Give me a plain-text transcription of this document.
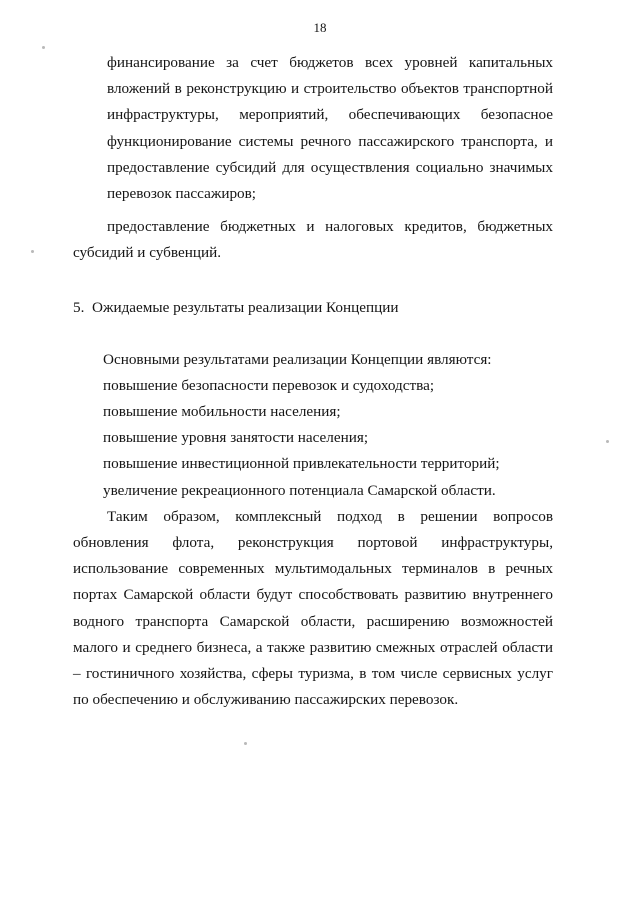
18

финансирование за счет бюджетов всех уровней капитальных вложений в реконструкцию и строительство объектов транспортной инфраструктуры, мероприятий, обеспечивающих безопасное функционирование системы речного пассажирского транспорта, и предоставление субсидий для осуществления социально значимых перевозок пассажиров;

предоставление бюджетных и налоговых кредитов, бюджетных субсидий и субвенций.

5. Ожидаемые результаты реализации Концепции

Основными результатами реализации Концепции являются:

повышение безопасности перевозок и судоходства;

повышение мобильности населения;

повышение уровня занятости населения;

повышение инвестиционной привлекательности территорий;

увеличение рекреационного потенциала Самарской области.

Таким образом, комплексный подход в решении вопросов обновления флота, реконструкция портовой инфраструктуры, использование современных мультимодальных терминалов в речных портах Самарской области будут способствовать развитию внутреннего водного транспорта Самарской области, расширению возможностей малого и среднего бизнеса, а также развитию смежных отраслей области – гостиничного хозяйства, сферы туризма, в том числе сервисных услуг по обеспечению и обслуживанию пассажирских перевозок.
